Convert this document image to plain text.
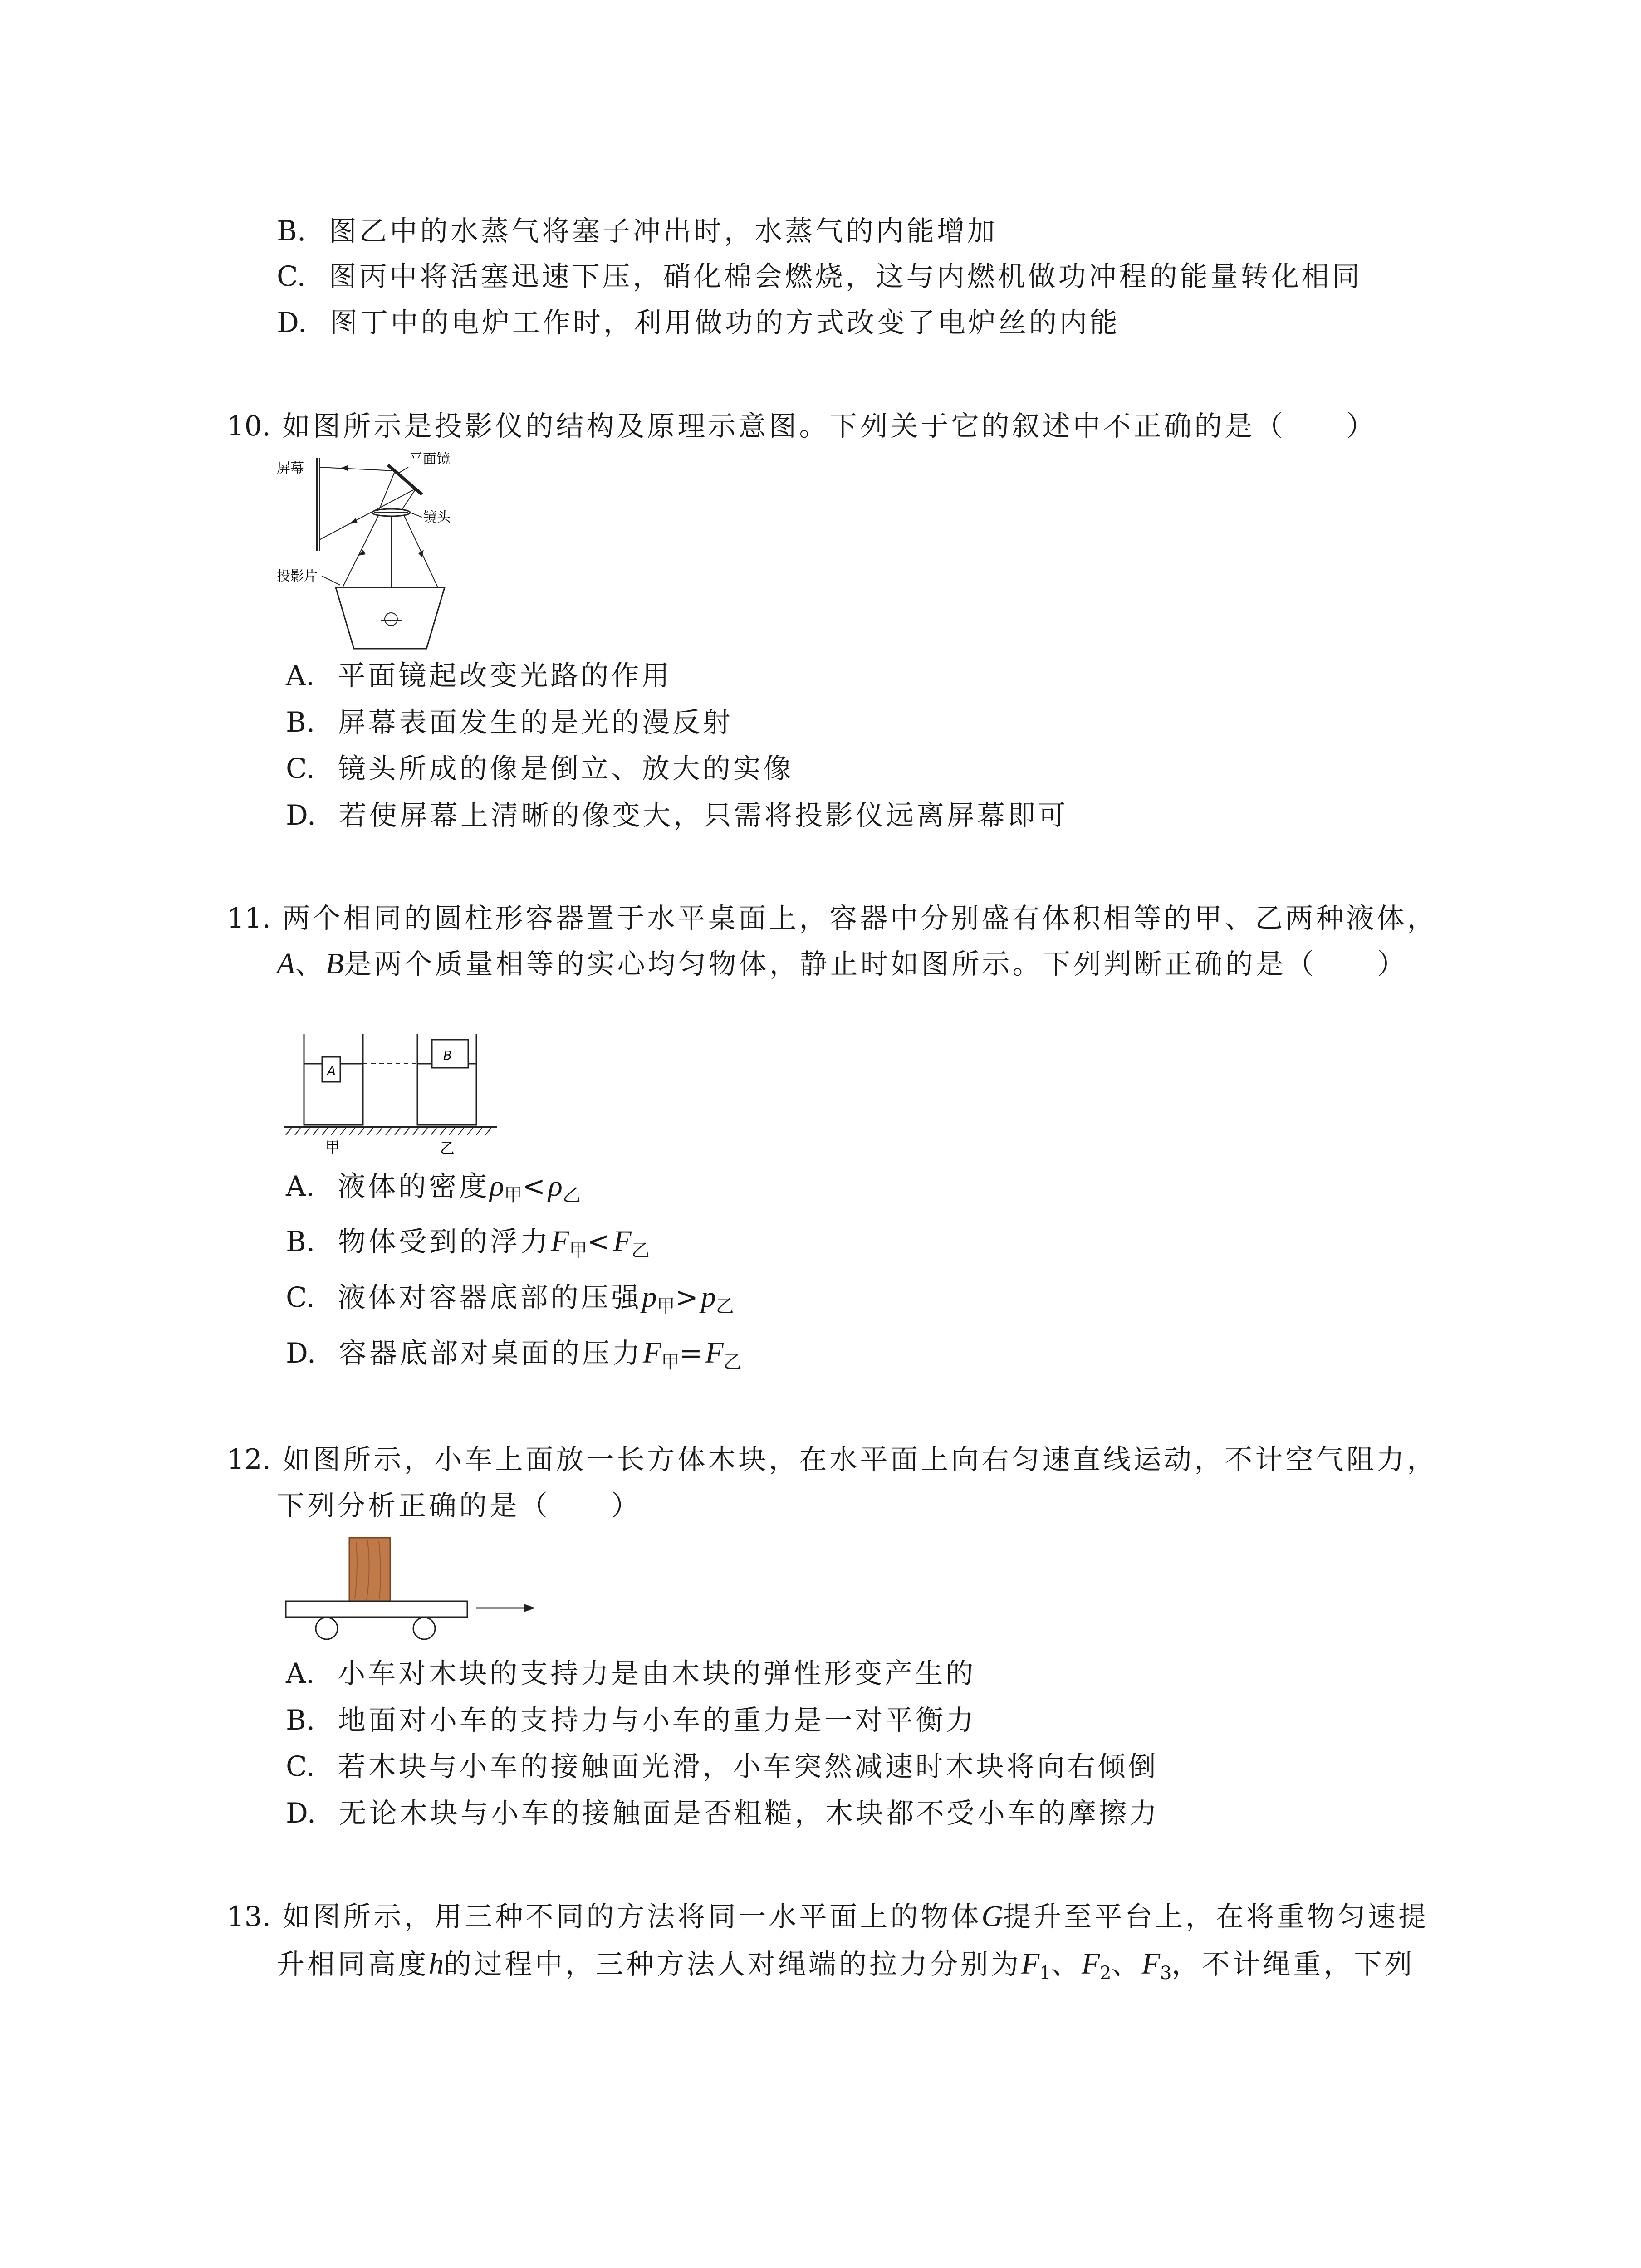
B. 图乙中的水蒸气将塞子冲出时，水蒸气的内能增加
C. 图丙中将活塞迅速下压，硝化棉会燃烧，这与内燃机做功冲程的能量转化相同
D. 图丁中的电炉工作时，利用做功的方式改变了电炉丝的内能
10. 如图所示是投影仪的结构及原理示意图。下列关于它的叙述中不正确的是（　　）
屏幕
平面镜
镜头
投影片
A. 平面镜起改变光路的作用
B. 屏幕表面发生的是光的漫反射
C. 镜头所成的像是倒立、放大的实像
D. 若使屏幕上清晰的像变大，只需将投影仪远离屏幕即可
11. 两个相同的圆柱形容器置于水平桌面上，容器中分别盛有体积相等的甲、乙两种液体，
A、B是两个质量相等的实心均匀物体，静止时如图所示。下列判断正确的是（　　）
A
B
甲	乙
A. 液体的密度$\rho_甲<\rho_乙$
B. 物体受到的浮力$F_甲<F_乙$
C. 液体对容器底部的压强$p_甲>p_乙$
D. 容器底部对桌面的压力$F_甲=F_乙$
12. 如图所示，小车上面放一长方体木块，在水平面上向右匀速直线运动，不计空气阻力，
下列分析正确的是（　　）
A. 小车对木块的支持力是由木块的弹性形变产生的
B. 地面对小车的支持力与小车的重力是一对平衡力
C. 若木块与小车的接触面光滑，小车突然减速时木块将向右倾倒
D. 无论木块与小车的接触面是否粗糙，木块都不受小车的摩擦力
13. 如图所示，用三种不同的方法将同一水平面上的物体G提升至平台上，在将重物匀速提
升相同高度h的过程中，三种方法人对绳端的拉力分别为$F_1$、$F_2$、$F_3$，不计绳重，下列
